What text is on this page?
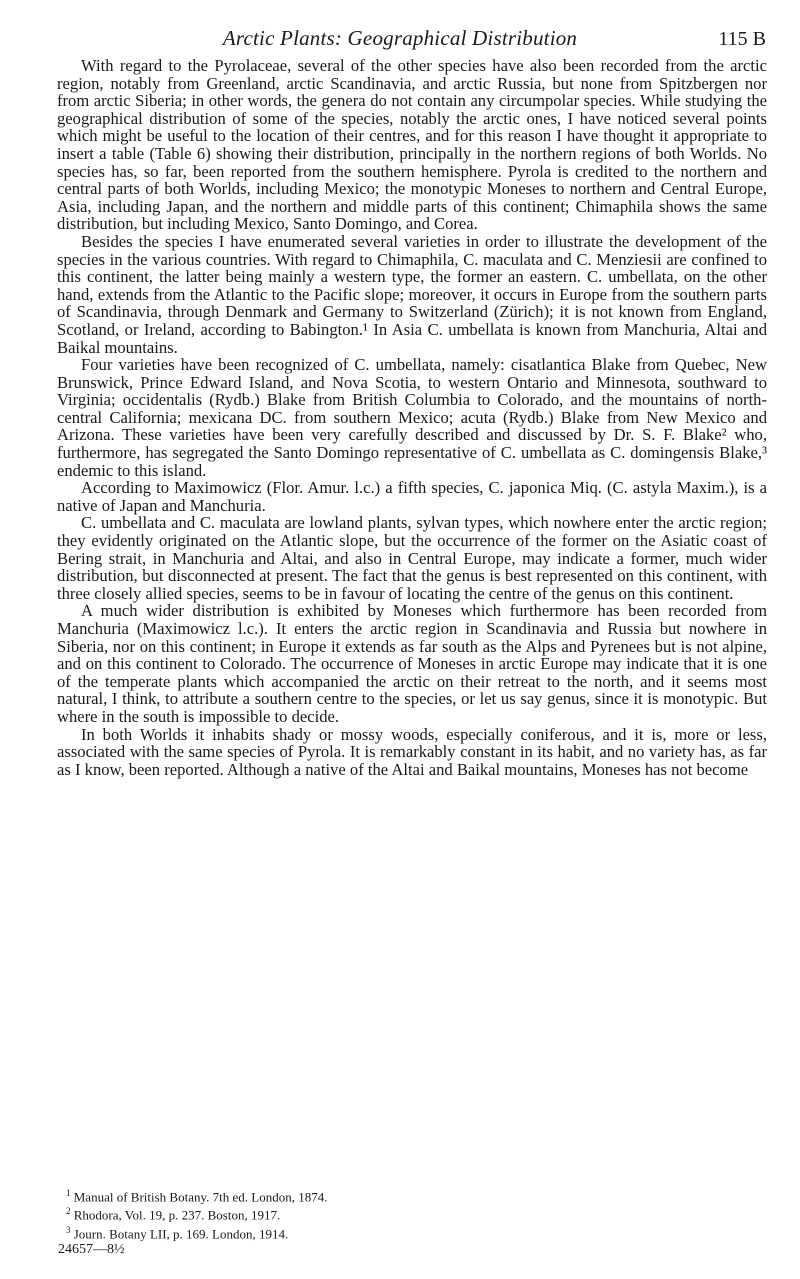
Arctic Plants: Geographical Distribution	115 B

With regard to the Pyrolaceae, several of the other species have also been recorded from the arctic region, notably from Greenland, arctic Scandinavia, and arctic Russia, but none from Spitzbergen nor from arctic Siberia; in other words, the genera do not contain any circumpolar species. While studying the geographical distribution of some of the species, notably the arctic ones, I have noticed several points which might be useful to the location of their centres, and for this reason I have thought it appropriate to insert a table (Table 6) showing their distribution, principally in the northern regions of both Worlds. No species has, so far, been reported from the southern hemisphere. Pyrola is credited to the northern and central parts of both Worlds, including Mexico; the monotypic Moneses to northern and Central Europe, Asia, including Japan, and the northern and middle parts of this continent; Chimaphila shows the same distribution, but including Mexico, Santo Domingo, and Corea.

Besides the species I have enumerated several varieties in order to illustrate the development of the species in the various countries. With regard to Chimaphila, C. maculata and C. Menziesii are confined to this continent, the latter being mainly a western type, the former an eastern. C. umbellata, on the other hand, extends from the Atlantic to the Pacific slope; moreover, it occurs in Europe from the southern parts of Scandinavia, through Denmark and Germany to Switzerland (Zürich); it is not known from England, Scotland, or Ireland, according to Babington.¹ In Asia C. umbellata is known from Manchuria, Altai and Baikal mountains.

Four varieties have been recognized of C. umbellata, namely: cisatlantica Blake from Quebec, New Brunswick, Prince Edward Island, and Nova Scotia, to western Ontario and Minnesota, southward to Virginia; occidentalis (Rydb.) Blake from British Columbia to Colorado, and the mountains of north-central California; mexicana DC. from southern Mexico; acuta (Rydb.) Blake from New Mexico and Arizona. These varieties have been very carefully described and discussed by Dr. S. F. Blake² who, furthermore, has segregated the Santo Domingo representative of C. umbellata as C. domingensis Blake,³ endemic to this island.

According to Maximowicz (Flor. Amur. l.c.) a fifth species, C. japonica Miq. (C. astyla Maxim.), is a native of Japan and Manchuria.

C. umbellata and C. maculata are lowland plants, sylvan types, which nowhere enter the arctic region; they evidently originated on the Atlantic slope, but the occurrence of the former on the Asiatic coast of Bering strait, in Manchuria and Altai, and also in Central Europe, may indicate a former, much wider distribution, but disconnected at present. The fact that the genus is best represented on this continent, with three closely allied species, seems to be in favour of locating the centre of the genus on this continent.

A much wider distribution is exhibited by Moneses which furthermore has been recorded from Manchuria (Maximowicz l.c.). It enters the arctic region in Scandinavia and Russia but nowhere in Siberia, nor on this continent; in Europe it extends as far south as the Alps and Pyrenees but is not alpine, and on this continent to Colorado. The occurrence of Moneses in arctic Europe may indicate that it is one of the temperate plants which accompanied the arctic on their retreat to the north, and it seems most natural, I think, to attribute a southern centre to the species, or let us say genus, since it is monotypic. But where in the south is impossible to decide.

In both Worlds it inhabits shady or mossy woods, especially coniferous, and it is, more or less, associated with the same species of Pyrola. It is remarkably constant in its habit, and no variety has, as far as I know, been reported. Although a native of the Altai and Baikal mountains, Moneses has not become

$^1$ Manual of British Botany. 7th ed. London, 1874.

$^2$ Rhodora, Vol. 19, p. 237. Boston, 1917.

$^3$ Journ. Botany LII, p. 169. London, 1914.

24657—8½
